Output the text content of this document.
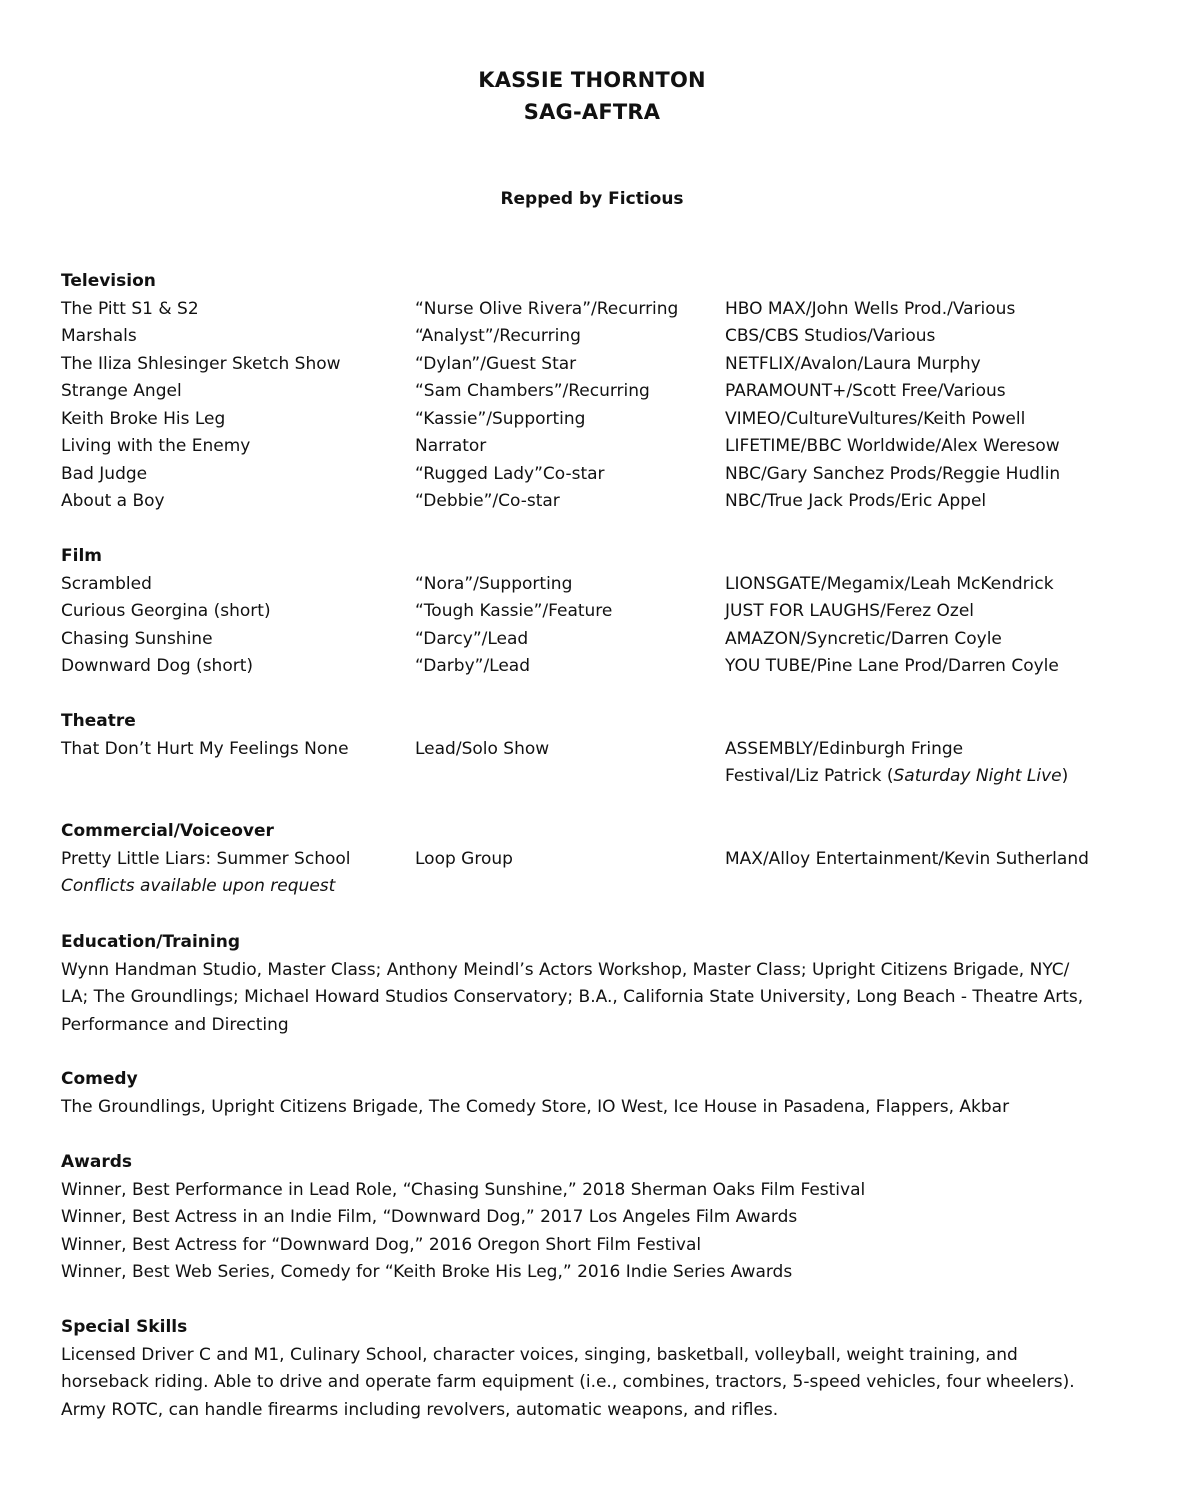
KASSIE THORNTON
SAG-AFTRA
Repped by Fictious
Television
The Pitt S1 & S2	“Nurse Olive Rivera”/Recurring	HBO MAX/John Wells Prod./Various
Marshals	“Analyst”/Recurring	CBS/CBS Studios/Various
The Iliza Shlesinger Sketch Show	“Dylan”/Guest Star	NETFLIX/Avalon/Laura Murphy
Strange Angel	“Sam Chambers”/Recurring	PARAMOUNT+/Scott Free/Various
Keith Broke His Leg	“Kassie”/Supporting	VIMEO/CultureVultures/Keith Powell
Living with the Enemy	Narrator	LIFETIME/BBC Worldwide/Alex Weresow
Bad Judge	“Rugged Lady”Co-star	NBC/Gary Sanchez Prods/Reggie Hudlin
About a Boy	“Debbie”/Co-star	NBC/True Jack Prods/Eric Appel
Film
Scrambled	“Nora”/Supporting	LIONSGATE/Megamix/Leah McKendrick
Curious Georgina (short)	“Tough Kassie”/Feature	JUST FOR LAUGHS/Ferez Ozel
Chasing Sunshine	“Darcy”/Lead	AMAZON/Syncretic/Darren Coyle
Downward Dog (short)	“Darby”/Lead	YOU TUBE/Pine Lane Prod/Darren Coyle
Theatre
That Don’t Hurt My Feelings None	Lead/Solo Show	ASSEMBLY/Edinburgh Fringe
Festival/Liz Patrick (Saturday Night Live)
Commercial/Voiceover
Pretty Little Liars: Summer School	Loop Group	MAX/Alloy Entertainment/Kevin Sutherland
Conflicts available upon request
Education/Training
Wynn Handman Studio, Master Class; Anthony Meindl’s Actors Workshop, Master Class; Upright Citizens Brigade, NYC/
LA; The Groundlings; Michael Howard Studios Conservatory; B.A., California State University, Long Beach - Theatre Arts,
Performance and Directing
Comedy
The Groundlings, Upright Citizens Brigade, The Comedy Store, IO West, Ice House in Pasadena, Flappers, Akbar
Awards
Winner, Best Performance in Lead Role, “Chasing Sunshine,” 2018 Sherman Oaks Film Festival
Winner, Best Actress in an Indie Film, “Downward Dog,” 2017 Los Angeles Film Awards
Winner, Best Actress for “Downward Dog,” 2016 Oregon Short Film Festival
Winner, Best Web Series, Comedy for “Keith Broke His Leg,” 2016 Indie Series Awards
Special Skills
Licensed Driver C and M1, Culinary School, character voices, singing, basketball, volleyball, weight training, and
horseback riding. Able to drive and operate farm equipment (i.e., combines, tractors, 5-speed vehicles, four wheelers).
Army ROTC, can handle firearms including revolvers, automatic weapons, and rifles.
